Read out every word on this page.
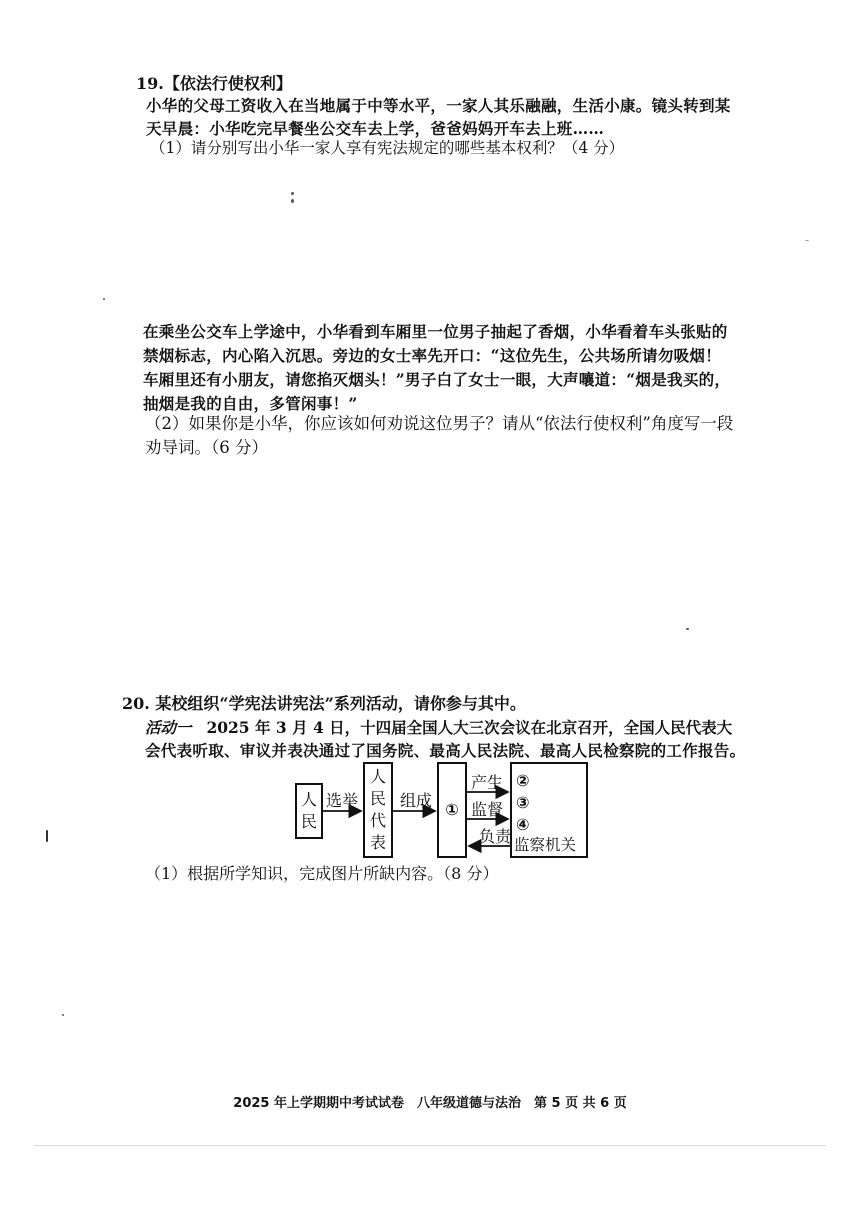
19.【依法行使权利】
小华的父母工资收入在当地属于中等水平，一家人其乐融融，生活小康。镜头转到某
天早晨：小华吃完早餐坐公交车去上学，爸爸妈妈开车去上班……
（1）请分别写出小华一家人享有宪法规定的哪些基本权利？（4 分）
在乘坐公交车上学途中，小华看到车厢里一位男子抽起了香烟，小华看着车头张贴的
禁烟标志，内心陷入沉思。旁边的女士率先开口：“这位先生，公共场所请勿吸烟！
车厢里还有小朋友，请您掐灭烟头！”男子白了女士一眼，大声嚷道：“烟是我买的，
抽烟是我的自由，多管闲事！”
（2）如果你是小华，你应该如何劝说这位男子？请从“依法行使权利”角度写一段
劝导词。（6 分）
20. 某校组织“学宪法讲宪法”系列活动，请你参与其中。
活动一 2025 年 3 月 4 日，十四届全国人大三次会议在北京召开，全国人民代表大
会代表听取、审议并表决通过了国务院、最高人民法院、最高人民检察院的工作报告。
人
民
选举
人
民
代
表
组成 ①
产生
监督
负责
②
③
④
监察机关
（1）根据所学知识，完成图片所缺内容。（8 分）
2025 年上学期期中考试试卷　八年级道德与法治　第 5 页 共 6 页
